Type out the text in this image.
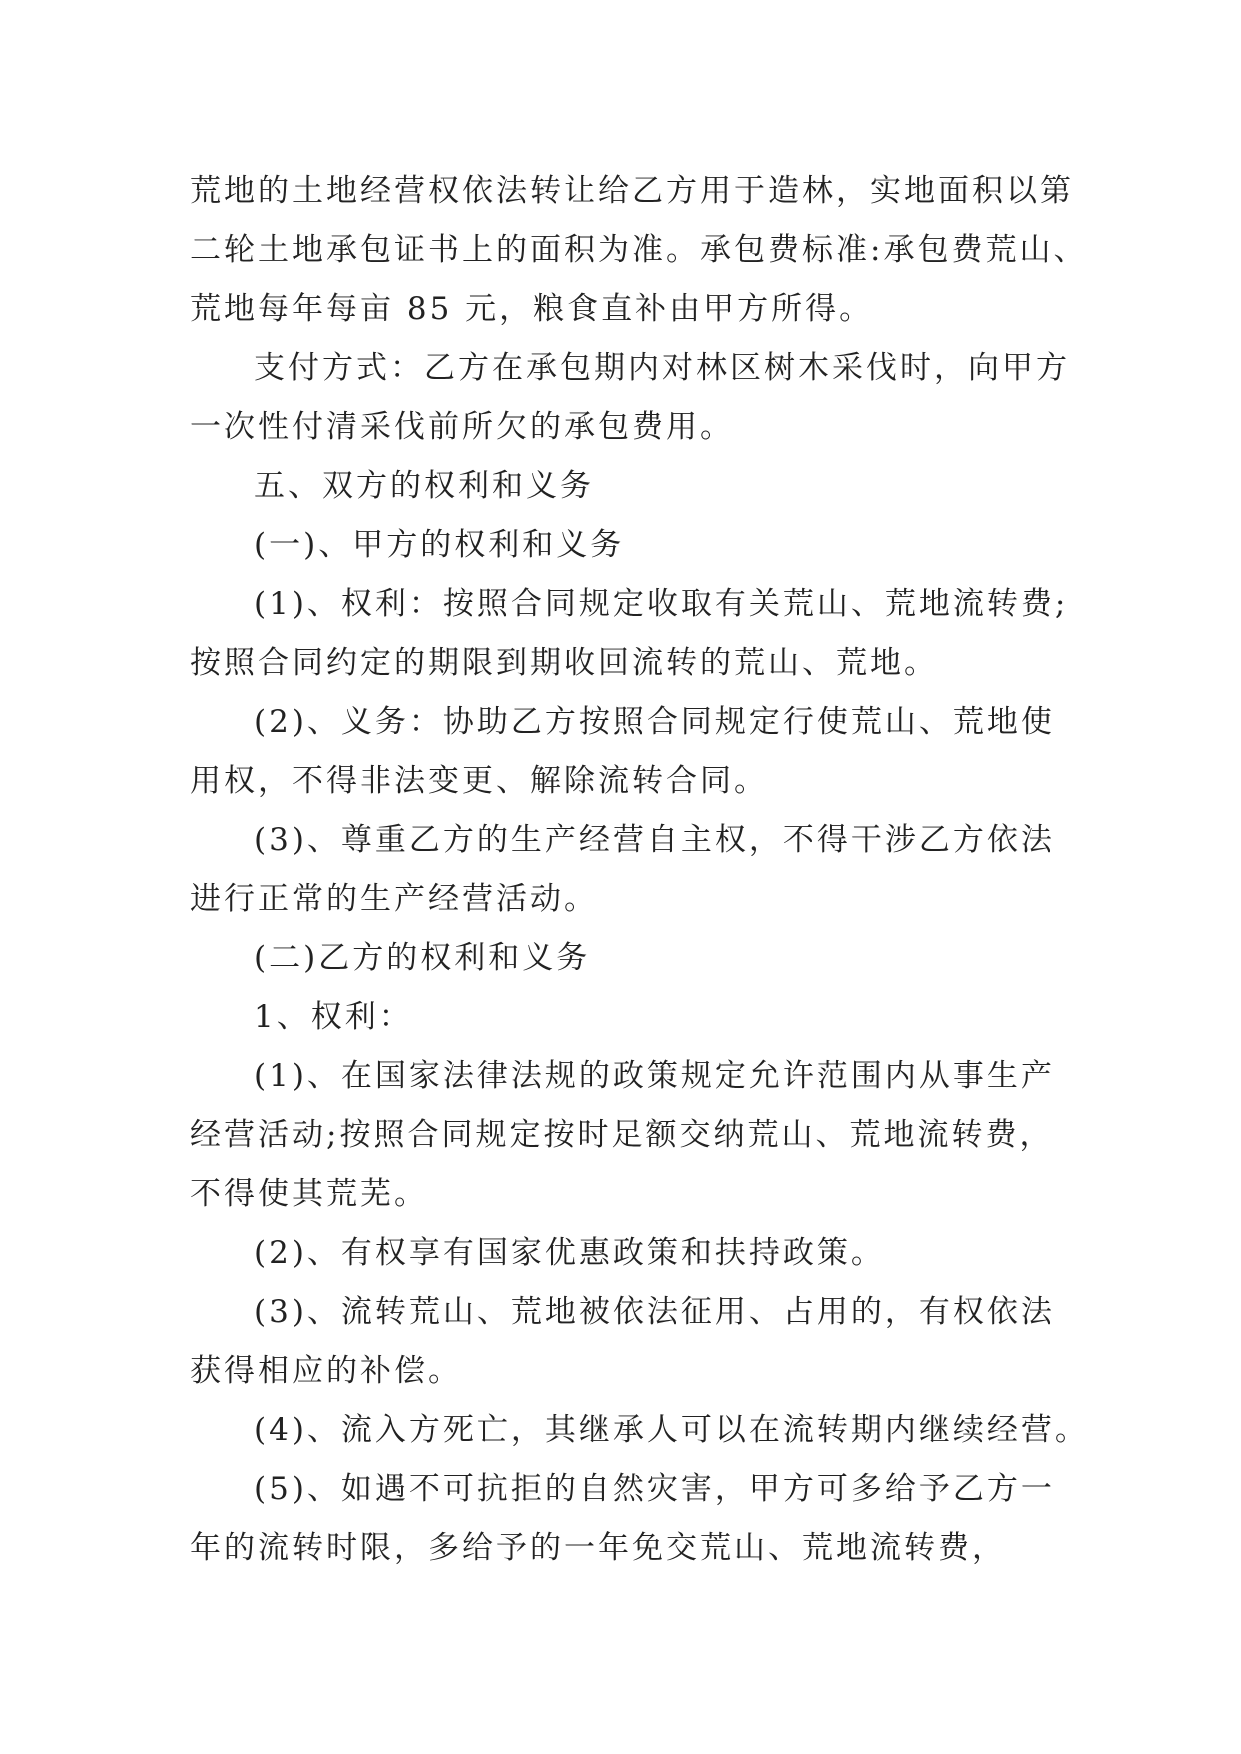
荒地的土地经营权依法转让给乙方用于造林，实地面积以第
二轮土地承包证书上的面积为准。承包费标准:承包费荒山、
荒地每年每亩 85 元，粮食直补由甲方所得。
支付方式：乙方在承包期内对林区树木采伐时，向甲方
一次性付清采伐前所欠的承包费用。
五、双方的权利和义务
(一)、甲方的权利和义务
(1)、权利：按照合同规定收取有关荒山、荒地流转费;
按照合同约定的期限到期收回流转的荒山、荒地。
(2)、义务：协助乙方按照合同规定行使荒山、荒地使
用权，不得非法变更、解除流转合同。
(3)、尊重乙方的生产经营自主权，不得干涉乙方依法
进行正常的生产经营活动。
(二)乙方的权利和义务
1、权利：
(1)、在国家法律法规的政策规定允许范围内从事生产
经营活动;按照合同规定按时足额交纳荒山、荒地流转费，
不得使其荒芜。
(2)、有权享有国家优惠政策和扶持政策。
(3)、流转荒山、荒地被依法征用、占用的，有权依法
获得相应的补偿。
(4)、流入方死亡，其继承人可以在流转期内继续经营。
(5)、如遇不可抗拒的自然灾害，甲方可多给予乙方一
年的流转时限，多给予的一年免交荒山、荒地流转费，
